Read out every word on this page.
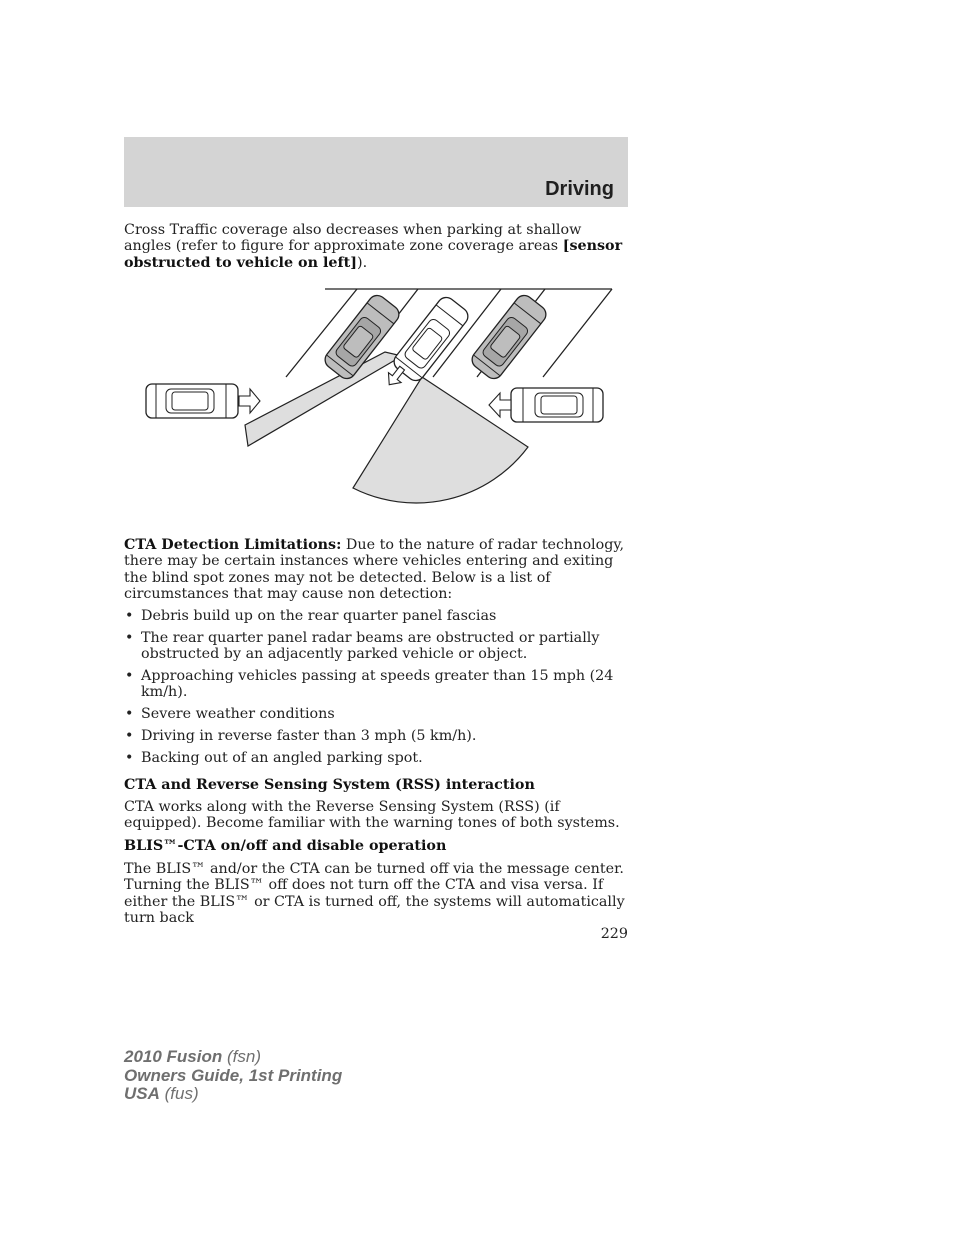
Driving
Cross Traffic coverage also decreases when parking at shallow angles (refer to figure for approximate zone coverage areas [sensor obstructed to vehicle on left]).
CTA Detection Limitations: Due to the nature of radar technology, there may be certain instances where vehicles entering and exiting the blind spot zones may not be detected. Below is a list of circumstances that may cause non detection:
• Debris build up on the rear quarter panel fascias
• The rear quarter panel radar beams are obstructed or partially obstructed by an adjacently parked vehicle or object.
• Approaching vehicles passing at speeds greater than 15 mph (24 km/h).
• Severe weather conditions
• Driving in reverse faster than 3 mph (5 km/h).
• Backing out of an angled parking spot.
CTA and Reverse Sensing System (RSS) interaction
CTA works along with the Reverse Sensing System (RSS) (if equipped). Become familiar with the warning tones of both systems.
BLIS™-CTA on/off and disable operation
The BLIS™ and/or the CTA can be turned off via the message center. Turning the BLIS™ off does not turn off the CTA and visa versa. If either the BLIS™ or CTA is turned off, the systems will automatically turn back
229
2010 Fusion (fsn)
Owners Guide, 1st Printing
USA (fus)
